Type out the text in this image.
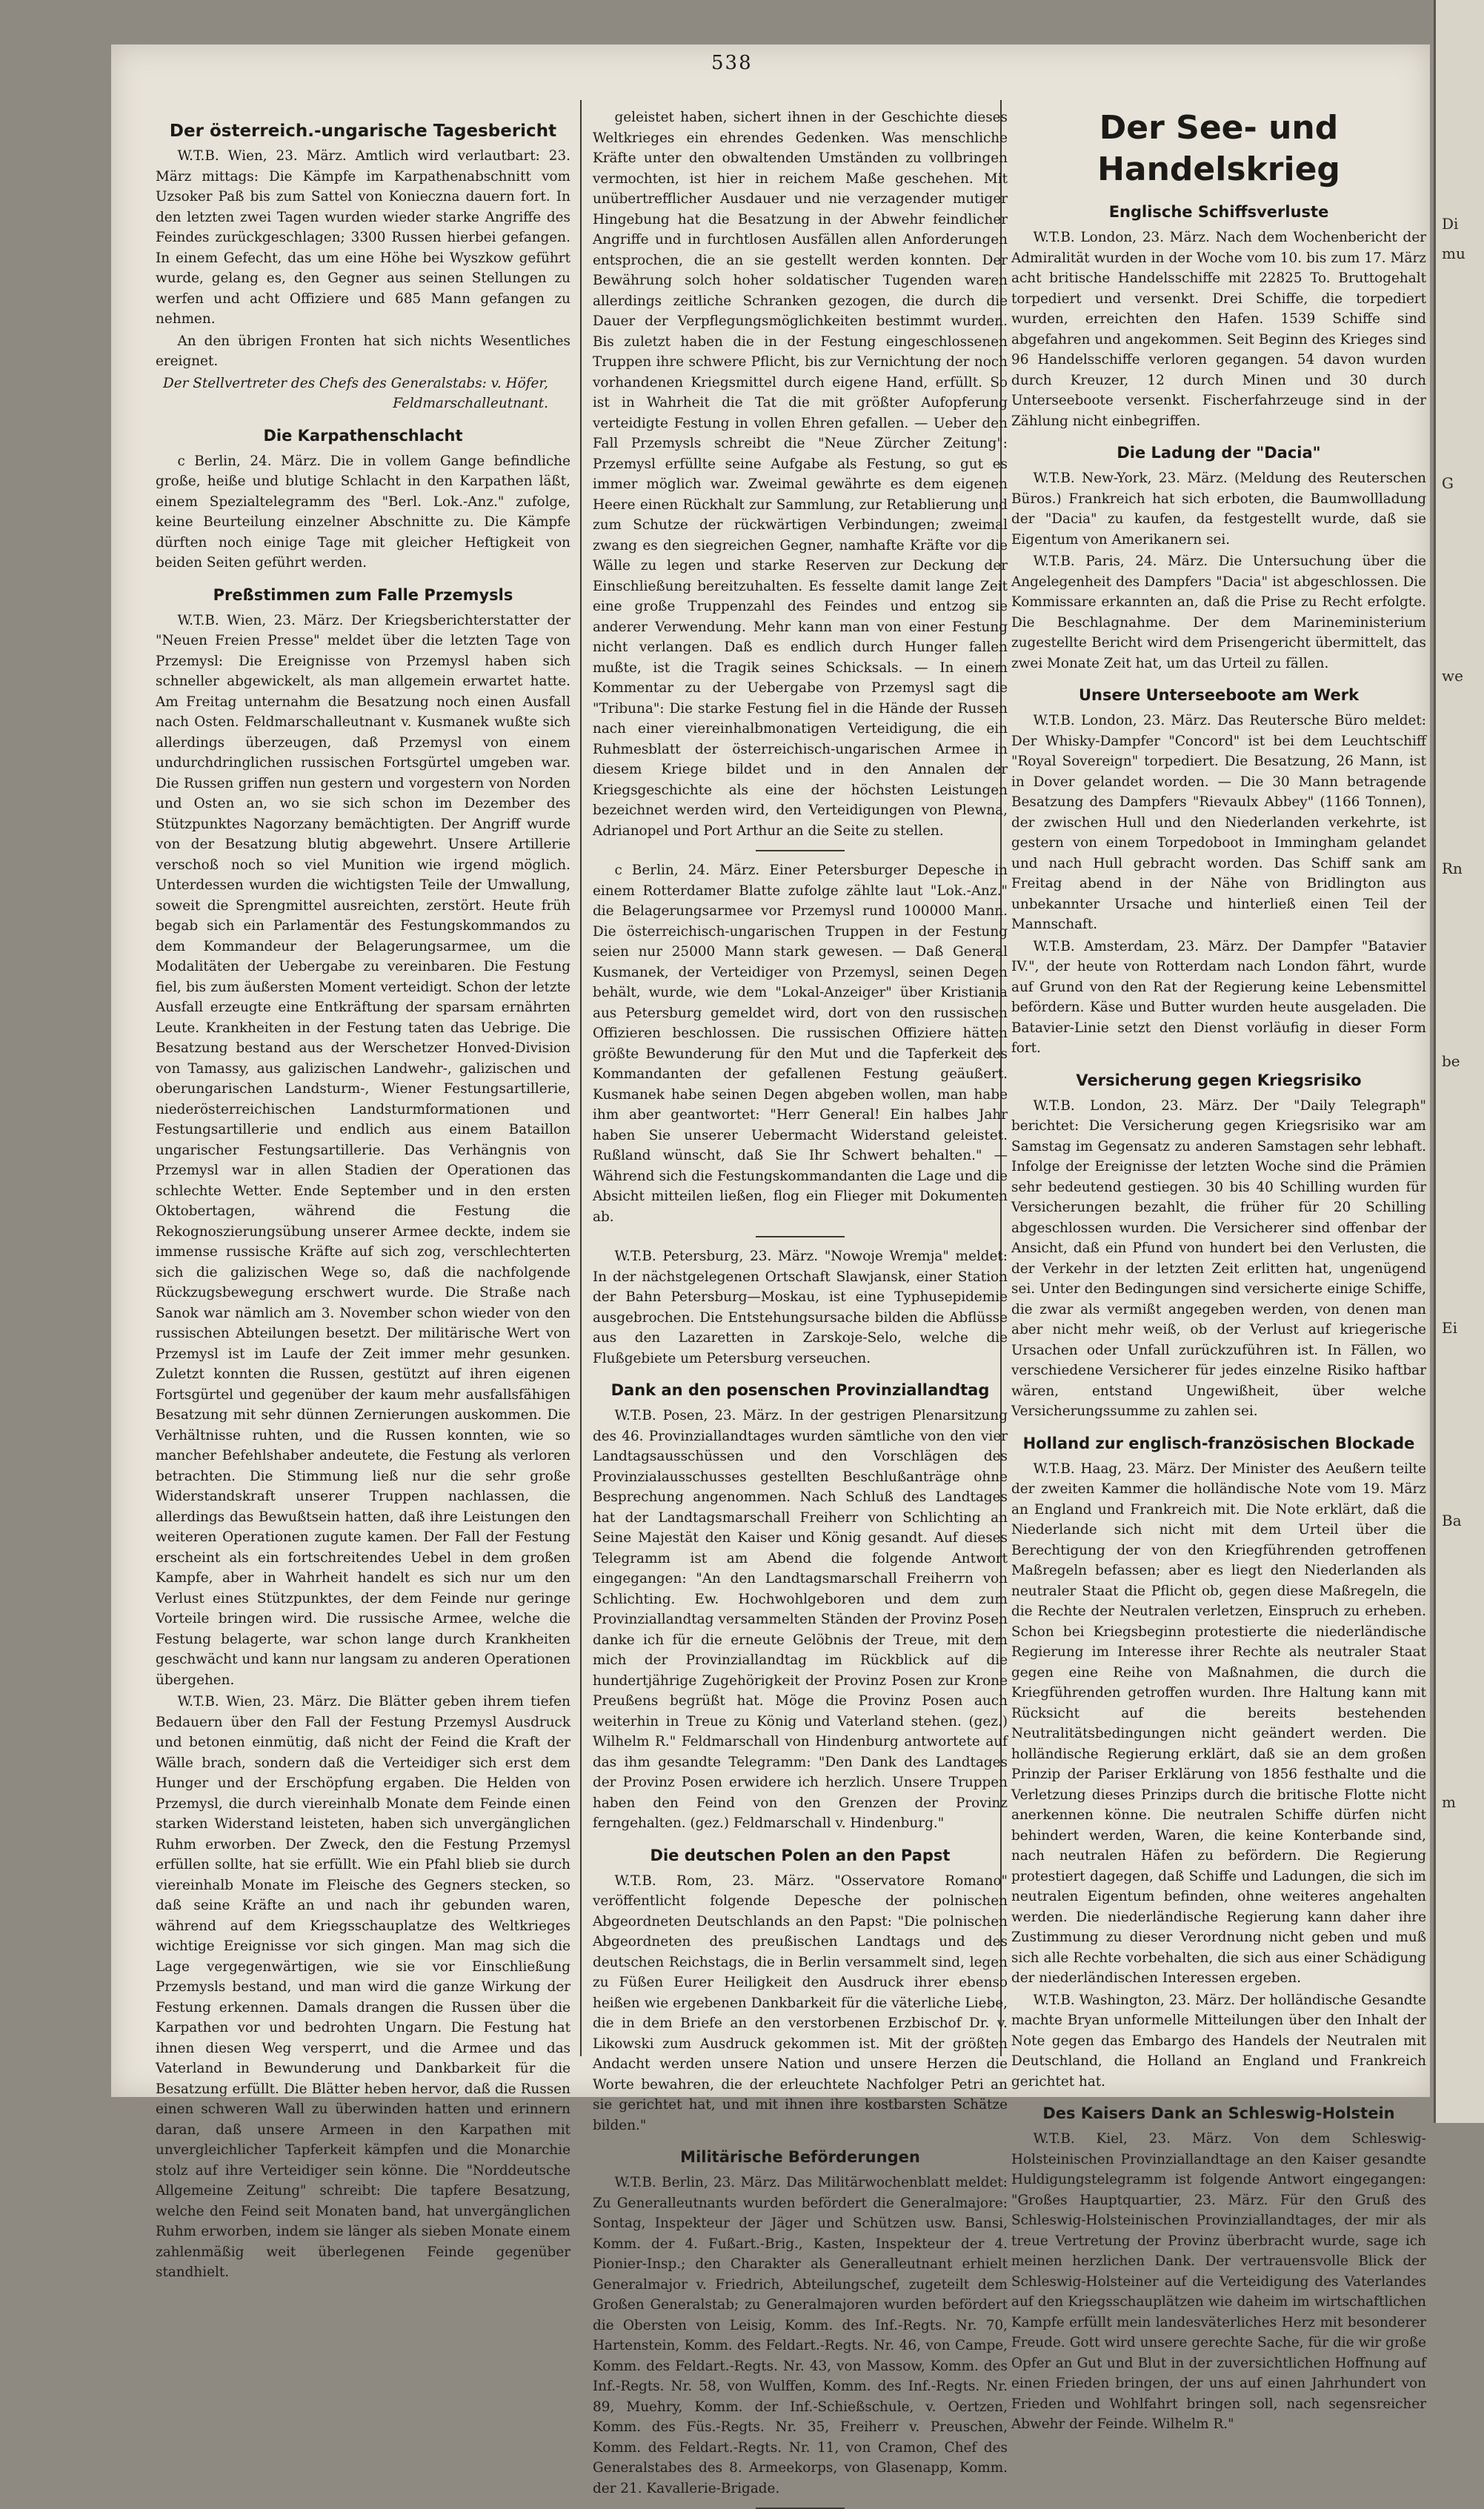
538
Der österreich.-ungarische Tagesbericht

W.T.B. Wien, 23. März. Amtlich wird verlautbart: 23. März mittags: Die Kämpfe im Karpathenabschnitt vom Uzsoker Paß bis zum Sattel von Konieczna dauern fort. In den letzten zwei Tagen wurden wieder starke Angriffe des Feindes zurückgeschlagen; 3300 Russen hierbei gefangen. In einem Gefecht, das um eine Höhe bei Wyszkow geführt wurde, gelang es, den Gegner aus seinen Stellungen zu werfen und acht Offiziere und 685 Mann gefangen zu nehmen.

An den übrigen Fronten hat sich nichts Wesentliches ereignet.

Der Stellvertreter des Chefs des Generalstabs: v. Höfer, Feldmarschalleutnant.

Die Karpathenschlacht

c Berlin, 24. März. Die in vollem Gange befindliche große, heiße und blutige Schlacht in den Karpathen läßt, einem Spezialtelegramm des "Berl. Lok.-Anz." zufolge, keine Beurteilung einzelner Abschnitte zu. Die Kämpfe dürften noch einige Tage mit gleicher Heftigkeit von beiden Seiten geführt werden.

Preßstimmen zum Falle Przemysls

W.T.B. Wien, 23. März. Der Kriegsberichterstatter der "Neuen Freien Presse" meldet über die letzten Tage von Przemysl: Die Ereignisse von Przemysl haben sich schneller abgewickelt, als man allgemein erwartet hatte. Am Freitag unternahm die Besatzung noch einen Ausfall nach Osten. Feldmarschalleutnant v. Kusmanek wußte sich allerdings überzeugen, daß Przemysl von einem undurchdringlichen russischen Fortsgürtel umgeben war. Die Russen griffen nun gestern und vorgestern von Norden und Osten an, wo sie sich schon im Dezember des Stützpunktes Nagorzany bemächtigten. Der Angriff wurde von der Besatzung blutig abgewehrt. Unsere Artillerie verschoß noch so viel Munition wie irgend möglich. Unterdessen wurden die wichtigsten Teile der Umwallung, soweit die Sprengmittel ausreichten, zerstört. Heute früh begab sich ein Parlamentär des Festungskommandos zu dem Kommandeur der Belagerungsarmee, um die Modalitäten der Uebergabe zu vereinbaren. Die Festung fiel, bis zum äußersten Moment verteidigt. Schon der letzte Ausfall erzeugte eine Entkräftung der sparsam ernährten Leute. Krankheiten in der Festung taten das Uebrige. Die Besatzung bestand aus der Werschetzer Honved-Division von Tamassy, aus galizischen Landwehr-, galizischen und oberungarischen Landsturm-, Wiener Festungsartillerie, niederösterreichischen Landsturmformationen und Festungsartillerie und endlich aus einem Bataillon ungarischer Festungsartillerie. Das Verhängnis von Przemysl war in allen Stadien der Operationen das schlechte Wetter. Ende September und in den ersten Oktobertagen, während die Festung die Rekognoszierungsübung unserer Armee deckte, indem sie immense russische Kräfte auf sich zog, verschlechterten sich die galizischen Wege so, daß die nachfolgende Rückzugsbewegung erschwert wurde. Die Straße nach Sanok war nämlich am 3. November schon wieder von den russischen Abteilungen besetzt. Der militärische Wert von Przemysl ist im Laufe der Zeit immer mehr gesunken. Zuletzt konnten die Russen, gestützt auf ihren eigenen Fortsgürtel und gegenüber der kaum mehr ausfallsfähigen Besatzung mit sehr dünnen Zernierungen auskommen. Die Verhältnisse ruhten, und die Russen konnten, wie so mancher Befehlshaber andeutete, die Festung als verloren betrachten. Die Stimmung ließ nur die sehr große Widerstandskraft unserer Truppen nachlassen, die allerdings das Bewußtsein hatten, daß ihre Leistungen den weiteren Operationen zugute kamen. Der Fall der Festung erscheint als ein fortschreitendes Uebel in dem großen Kampfe, aber in Wahrheit handelt es sich nur um den Verlust eines Stützpunktes, der dem Feinde nur geringe Vorteile bringen wird. Die russische Armee, welche die Festung belagerte, war schon lange durch Krankheiten geschwächt und kann nur langsam zu anderen Operationen übergehen.

W.T.B. Wien, 23. März. Die Blätter geben ihrem tiefen Bedauern über den Fall der Festung Przemysl Ausdruck und betonen einmütig, daß nicht der Feind die Kraft der Wälle brach, sondern daß die Verteidiger sich erst dem Hunger und der Erschöpfung ergaben. Die Helden von Przemysl, die durch viereinhalb Monate dem Feinde einen starken Widerstand leisteten, haben sich unvergänglichen Ruhm erworben. Der Zweck, den die Festung Przemysl erfüllen sollte, hat sie erfüllt. Wie ein Pfahl blieb sie durch viereinhalb Monate im Fleische des Gegners stecken, so daß seine Kräfte an und nach ihr gebunden waren, während auf dem Kriegsschauplatze des Weltkrieges wichtige Ereignisse vor sich gingen. Man mag sich die Lage vergegenwärtigen, wie sie vor Einschließung Przemysls bestand, und man wird die ganze Wirkung der Festung erkennen. Damals drangen die Russen über die Karpathen vor und bedrohten Ungarn. Die Festung hat ihnen diesen Weg versperrt, und die Armee und das Vaterland in Bewunderung und Dankbarkeit für die Besatzung erfüllt. Die Blätter heben hervor, daß die Russen einen schweren Wall zu überwinden hatten und erinnern daran, daß unsere Armeen in den Karpathen mit unvergleichlicher Tapferkeit kämpfen und die Monarchie stolz auf ihre Verteidiger sein könne. Die "Norddeutsche Allgemeine Zeitung" schreibt: Die tapfere Besatzung, welche den Feind seit Monaten band, hat unvergänglichen Ruhm erworben, indem sie länger als sieben Monate einem zahlenmäßig weit überlegenen Feinde gegenüber standhielt.

geleistet haben, sichert ihnen in der Geschichte dieses Weltkrieges ein ehrendes Gedenken. Was menschliche Kräfte unter den obwaltenden Umständen zu vollbringen vermochten, ist hier in reichem Maße geschehen. Mit unübertrefflicher Ausdauer und nie verzagender mutiger Hingebung hat die Besatzung in der Abwehr feindlicher Angriffe und in furchtlosen Ausfällen allen Anforderungen entsprochen, die an sie gestellt werden konnten. Der Bewährung solch hoher soldatischer Tugenden waren allerdings zeitliche Schranken gezogen, die durch die Dauer der Verpflegungsmöglichkeiten bestimmt wurden. Bis zuletzt haben die in der Festung eingeschlossenen Truppen ihre schwere Pflicht, bis zur Vernichtung der noch vorhandenen Kriegsmittel durch eigene Hand, erfüllt. So ist in Wahrheit die Tat die mit größter Aufopferung verteidigte Festung in vollen Ehren gefallen. — Ueber den Fall Przemysls schreibt die "Neue Zürcher Zeitung": Przemysl erfüllte seine Aufgabe als Festung, so gut es immer möglich war. Zweimal gewährte es dem eigenen Heere einen Rückhalt zur Sammlung, zur Retablierung und zum Schutze der rückwärtigen Verbindungen; zweimal zwang es den siegreichen Gegner, namhafte Kräfte vor die Wälle zu legen und starke Reserven zur Deckung der Einschließung bereitzuhalten. Es fesselte damit lange Zeit eine große Truppenzahl des Feindes und entzog sie anderer Verwendung. Mehr kann man von einer Festung nicht verlangen. Daß es endlich durch Hunger fallen mußte, ist die Tragik seines Schicksals. — In einem Kommentar zu der Uebergabe von Przemysl sagt die "Tribuna": Die starke Festung fiel in die Hände der Russen nach einer viereinhalbmonatigen Verteidigung, die ein Ruhmesblatt der österreichisch-ungarischen Armee in diesem Kriege bildet und in den Annalen der Kriegsgeschichte als eine der höchsten Leistungen bezeichnet werden wird, den Verteidigungen von Plewna, Adrianopel und Port Arthur an die Seite zu stellen.

c Berlin, 24. März. Einer Petersburger Depesche in einem Rotterdamer Blatte zufolge zählte laut "Lok.-Anz." die Belagerungsarmee vor Przemysl rund 100000 Mann. Die österreichisch-ungarischen Truppen in der Festung seien nur 25000 Mann stark gewesen. — Daß General Kusmanek, der Verteidiger von Przemysl, seinen Degen behält, wurde, wie dem "Lokal-Anzeiger" über Kristiania aus Petersburg gemeldet wird, dort von den russischen Offizieren beschlossen. Die russischen Offiziere hätten größte Bewunderung für den Mut und die Tapferkeit des Kommandanten der gefallenen Festung geäußert. Kusmanek habe seinen Degen abgeben wollen, man habe ihm aber geantwortet: "Herr General! Ein halbes Jahr haben Sie unserer Uebermacht Widerstand geleistet. Rußland wünscht, daß Sie Ihr Schwert behalten." — Während sich die Festungskommandanten die Lage und die Absicht mitteilen ließen, flog ein Flieger mit Dokumenten ab.

W.T.B. Petersburg, 23. März. "Nowoje Wremja" meldet: In der nächstgelegenen Ortschaft Slawjansk, einer Station der Bahn Petersburg—Moskau, ist eine Typhusepidemie ausgebrochen. Die Entstehungsursache bilden die Abflüsse aus den Lazaretten in Zarskoje-Selo, welche die Flußgebiete um Petersburg verseuchen.

Dank an den posenschen Provinziallandtag

W.T.B. Posen, 23. März. In der gestrigen Plenarsitzung des 46. Provinziallandtages wurden sämtliche von den vier Landtagsausschüssen und den Vorschlägen des Provinzialausschusses gestellten Beschlußanträge ohne Besprechung angenommen. Nach Schluß des Landtages hat der Landtagsmarschall Freiherr von Schlichting an Seine Majestät den Kaiser und König gesandt. Auf dieses Telegramm ist am Abend die folgende Antwort eingegangen: "An den Landtagsmarschall Freiherrn von Schlichting. Ew. Hochwohlgeboren und dem zum Provinziallandtag versammelten Ständen der Provinz Posen danke ich für die erneute Gelöbnis der Treue, mit dem mich der Provinziallandtag im Rückblick auf die hundertjährige Zugehörigkeit der Provinz Posen zur Krone Preußens begrüßt hat. Möge die Provinz Posen auch weiterhin in Treue zu König und Vaterland stehen. (gez.) Wilhelm R." Feldmarschall von Hindenburg antwortete auf das ihm gesandte Telegramm: "Den Dank des Landtages der Provinz Posen erwidere ich herzlich. Unsere Truppen haben den Feind von den Grenzen der Provinz ferngehalten. (gez.) Feldmarschall v. Hindenburg."

Die deutschen Polen an den Papst

W.T.B. Rom, 23. März. "Osservatore Romano" veröffentlicht folgende Depesche der polnischen Abgeordneten Deutschlands an den Papst: "Die polnischen Abgeordneten des preußischen Landtags und des deutschen Reichstags, die in Berlin versammelt sind, legen zu Füßen Eurer Heiligkeit den Ausdruck ihrer ebenso heißen wie ergebenen Dankbarkeit für die väterliche Liebe, die in dem Briefe an den verstorbenen Erzbischof Dr. v. Likowski zum Ausdruck gekommen ist. Mit der größten Andacht werden unsere Nation und unsere Herzen die Worte bewahren, die der erleuchtete Nachfolger Petri an sie gerichtet hat, und mit ihnen ihre kostbarsten Schätze bilden."

Militärische Beförderungen

W.T.B. Berlin, 23. März. Das Militärwochenblatt meldet: Zu Generalleutnants wurden befördert die Generalmajore: Sontag, Inspekteur der Jäger und Schützen usw. Bansi, Komm. der 4. Fußart.-Brig., Kasten, Inspekteur der 4. Pionier-Insp.; den Charakter als Generalleutnant erhielt Generalmajor v. Friedrich, Abteilungschef, zugeteilt dem Großen Generalstab; zu Generalmajoren wurden befördert die Obersten von Leisig, Komm. des Inf.-Regts. Nr. 70, Hartenstein, Komm. des Feldart.-Regts. Nr. 46, von Campe, Komm. des Feldart.-Regts. Nr. 43, von Massow, Komm. des Inf.-Regts. Nr. 58, von Wulffen, Komm. des Inf.-Regts. Nr. 89, Muehry, Komm. der Inf.-Schießschule, v. Oertzen, Komm. des Füs.-Regts. Nr. 35, Freiherr v. Preuschen, Komm. des Feldart.-Regts. Nr. 11, von Cramon, Chef des Generalstabes des 8. Armeekorps, von Glasenapp, Komm. der 21. Kavallerie-Brigade.

Der See- und Handelskrieg
Englische Schiffsverluste

W.T.B. London, 23. März. Nach dem Wochenbericht der Admiralität wurden in der Woche vom 10. bis zum 17. März acht britische Handelsschiffe mit 22825 To. Bruttogehalt torpediert und versenkt. Drei Schiffe, die torpediert wurden, erreichten den Hafen. 1539 Schiffe sind abgefahren und angekommen. Seit Beginn des Krieges sind 96 Handelsschiffe verloren gegangen. 54 davon wurden durch Kreuzer, 12 durch Minen und 30 durch Unterseeboote versenkt. Fischerfahrzeuge sind in der Zählung nicht einbegriffen.

Die Ladung der "Dacia"

W.T.B. New-York, 23. März. (Meldung des Reuterschen Büros.) Frankreich hat sich erboten, die Baumwollladung der "Dacia" zu kaufen, da festgestellt wurde, daß sie Eigentum von Amerikanern sei.

W.T.B. Paris, 24. März. Die Untersuchung über die Angelegenheit des Dampfers "Dacia" ist abgeschlossen. Die Kommissare erkannten an, daß die Prise zu Recht erfolgte. Die Beschlagnahme. Der dem Marineministerium zugestellte Bericht wird dem Prisengericht übermittelt, das zwei Monate Zeit hat, um das Urteil zu fällen.

Unsere Unterseeboote am Werk

W.T.B. London, 23. März. Das Reutersche Büro meldet: Der Whisky-Dampfer "Concord" ist bei dem Leuchtschiff "Royal Sovereign" torpediert. Die Besatzung, 26 Mann, ist in Dover gelandet worden. — Die 30 Mann betragende Besatzung des Dampfers "Rievaulx Abbey" (1166 Tonnen), der zwischen Hull und den Niederlanden verkehrte, ist gestern von einem Torpedoboot in Immingham gelandet und nach Hull gebracht worden. Das Schiff sank am Freitag abend in der Nähe von Bridlington aus unbekannter Ursache und hinterließ einen Teil der Mannschaft.

W.T.B. Amsterdam, 23. März. Der Dampfer "Batavier IV.", der heute von Rotterdam nach London fährt, wurde auf Grund von den Rat der Regierung keine Lebensmittel befördern. Käse und Butter wurden heute ausgeladen. Die Batavier-Linie setzt den Dienst vorläufig in dieser Form fort.

Versicherung gegen Kriegsrisiko

W.T.B. London, 23. März. Der "Daily Telegraph" berichtet: Die Versicherung gegen Kriegsrisiko war am Samstag im Gegensatz zu anderen Samstagen sehr lebhaft. Infolge der Ereignisse der letzten Woche sind die Prämien sehr bedeutend gestiegen. 30 bis 40 Schilling wurden für Versicherungen bezahlt, die früher für 20 Schilling abgeschlossen wurden. Die Versicherer sind offenbar der Ansicht, daß ein Pfund von hundert bei den Verlusten, die der Verkehr in der letzten Zeit erlitten hat, ungenügend sei. Unter den Bedingungen sind versicherte einige Schiffe, die zwar als vermißt angegeben werden, von denen man aber nicht mehr weiß, ob der Verlust auf kriegerische Ursachen oder Unfall zurückzuführen ist. In Fällen, wo verschiedene Versicherer für jedes einzelne Risiko haftbar wären, entstand Ungewißheit, über welche Versicherungssumme zu zahlen sei.

Holland zur englisch-französischen Blockade

W.T.B. Haag, 23. März. Der Minister des Aeußern teilte der zweiten Kammer die holländische Note vom 19. März an England und Frankreich mit. Die Note erklärt, daß die Niederlande sich nicht mit dem Urteil über die Berechtigung der von den Kriegführenden getroffenen Maßregeln befassen; aber es liegt den Niederlanden als neutraler Staat die Pflicht ob, gegen diese Maßregeln, die die Rechte der Neutralen verletzen, Einspruch zu erheben. Schon bei Kriegsbeginn protestierte die niederländische Regierung im Interesse ihrer Rechte als neutraler Staat gegen eine Reihe von Maßnahmen, die durch die Kriegführenden getroffen wurden. Ihre Haltung kann mit Rücksicht auf die bereits bestehenden Neutralitätsbedingungen nicht geändert werden. Die holländische Regierung erklärt, daß sie an dem großen Prinzip der Pariser Erklärung von 1856 festhalte und die Verletzung dieses Prinzips durch die britische Flotte nicht anerkennen könne. Die neutralen Schiffe dürfen nicht behindert werden, Waren, die keine Konterbande sind, nach neutralen Häfen zu befördern. Die Regierung protestiert dagegen, daß Schiffe und Ladungen, die sich im neutralen Eigentum befinden, ohne weiteres angehalten werden. Die niederländische Regierung kann daher ihre Zustimmung zu dieser Verordnung nicht geben und muß sich alle Rechte vorbehalten, die sich aus einer Schädigung der niederländischen Interessen ergeben.

W.T.B. Washington, 23. März. Der holländische Gesandte machte Bryan unformelle Mitteilungen über den Inhalt der Note gegen das Embargo des Handels der Neutralen mit Deutschland, die Holland an England und Frankreich gerichtet hat.

Des Kaisers Dank an Schleswig-Holstein

W.T.B. Kiel, 23. März. Von dem Schleswig-Holsteinischen Provinziallandtage an den Kaiser gesandte Huldigungstelegramm ist folgende Antwort eingegangen: "Großes Hauptquartier, 23. März. Für den Gruß des Schleswig-Holsteinischen Provinziallandtages, der mir als treue Vertretung der Provinz überbracht wurde, sage ich meinen herzlichen Dank. Der vertrauensvolle Blick der Schleswig-Holsteiner auf die Verteidigung des Vaterlandes auf den Kriegsschauplätzen wie daheim im wirtschaftlichen Kampfe erfüllt mein landesväterliches Herz mit besonderer Freude. Gott wird unsere gerechte Sache, für die wir große Opfer an Gut und Blut in der zuversichtlichen Hoffnung auf einen Frieden bringen, der uns auf einen Jahrhundert von Frieden und Wohlfahrt bringen soll, nach segensreicher Abwehr der Feinde. Wilhelm R."

Di
mu
G
we
Rn
be
Ei
Ba
m
